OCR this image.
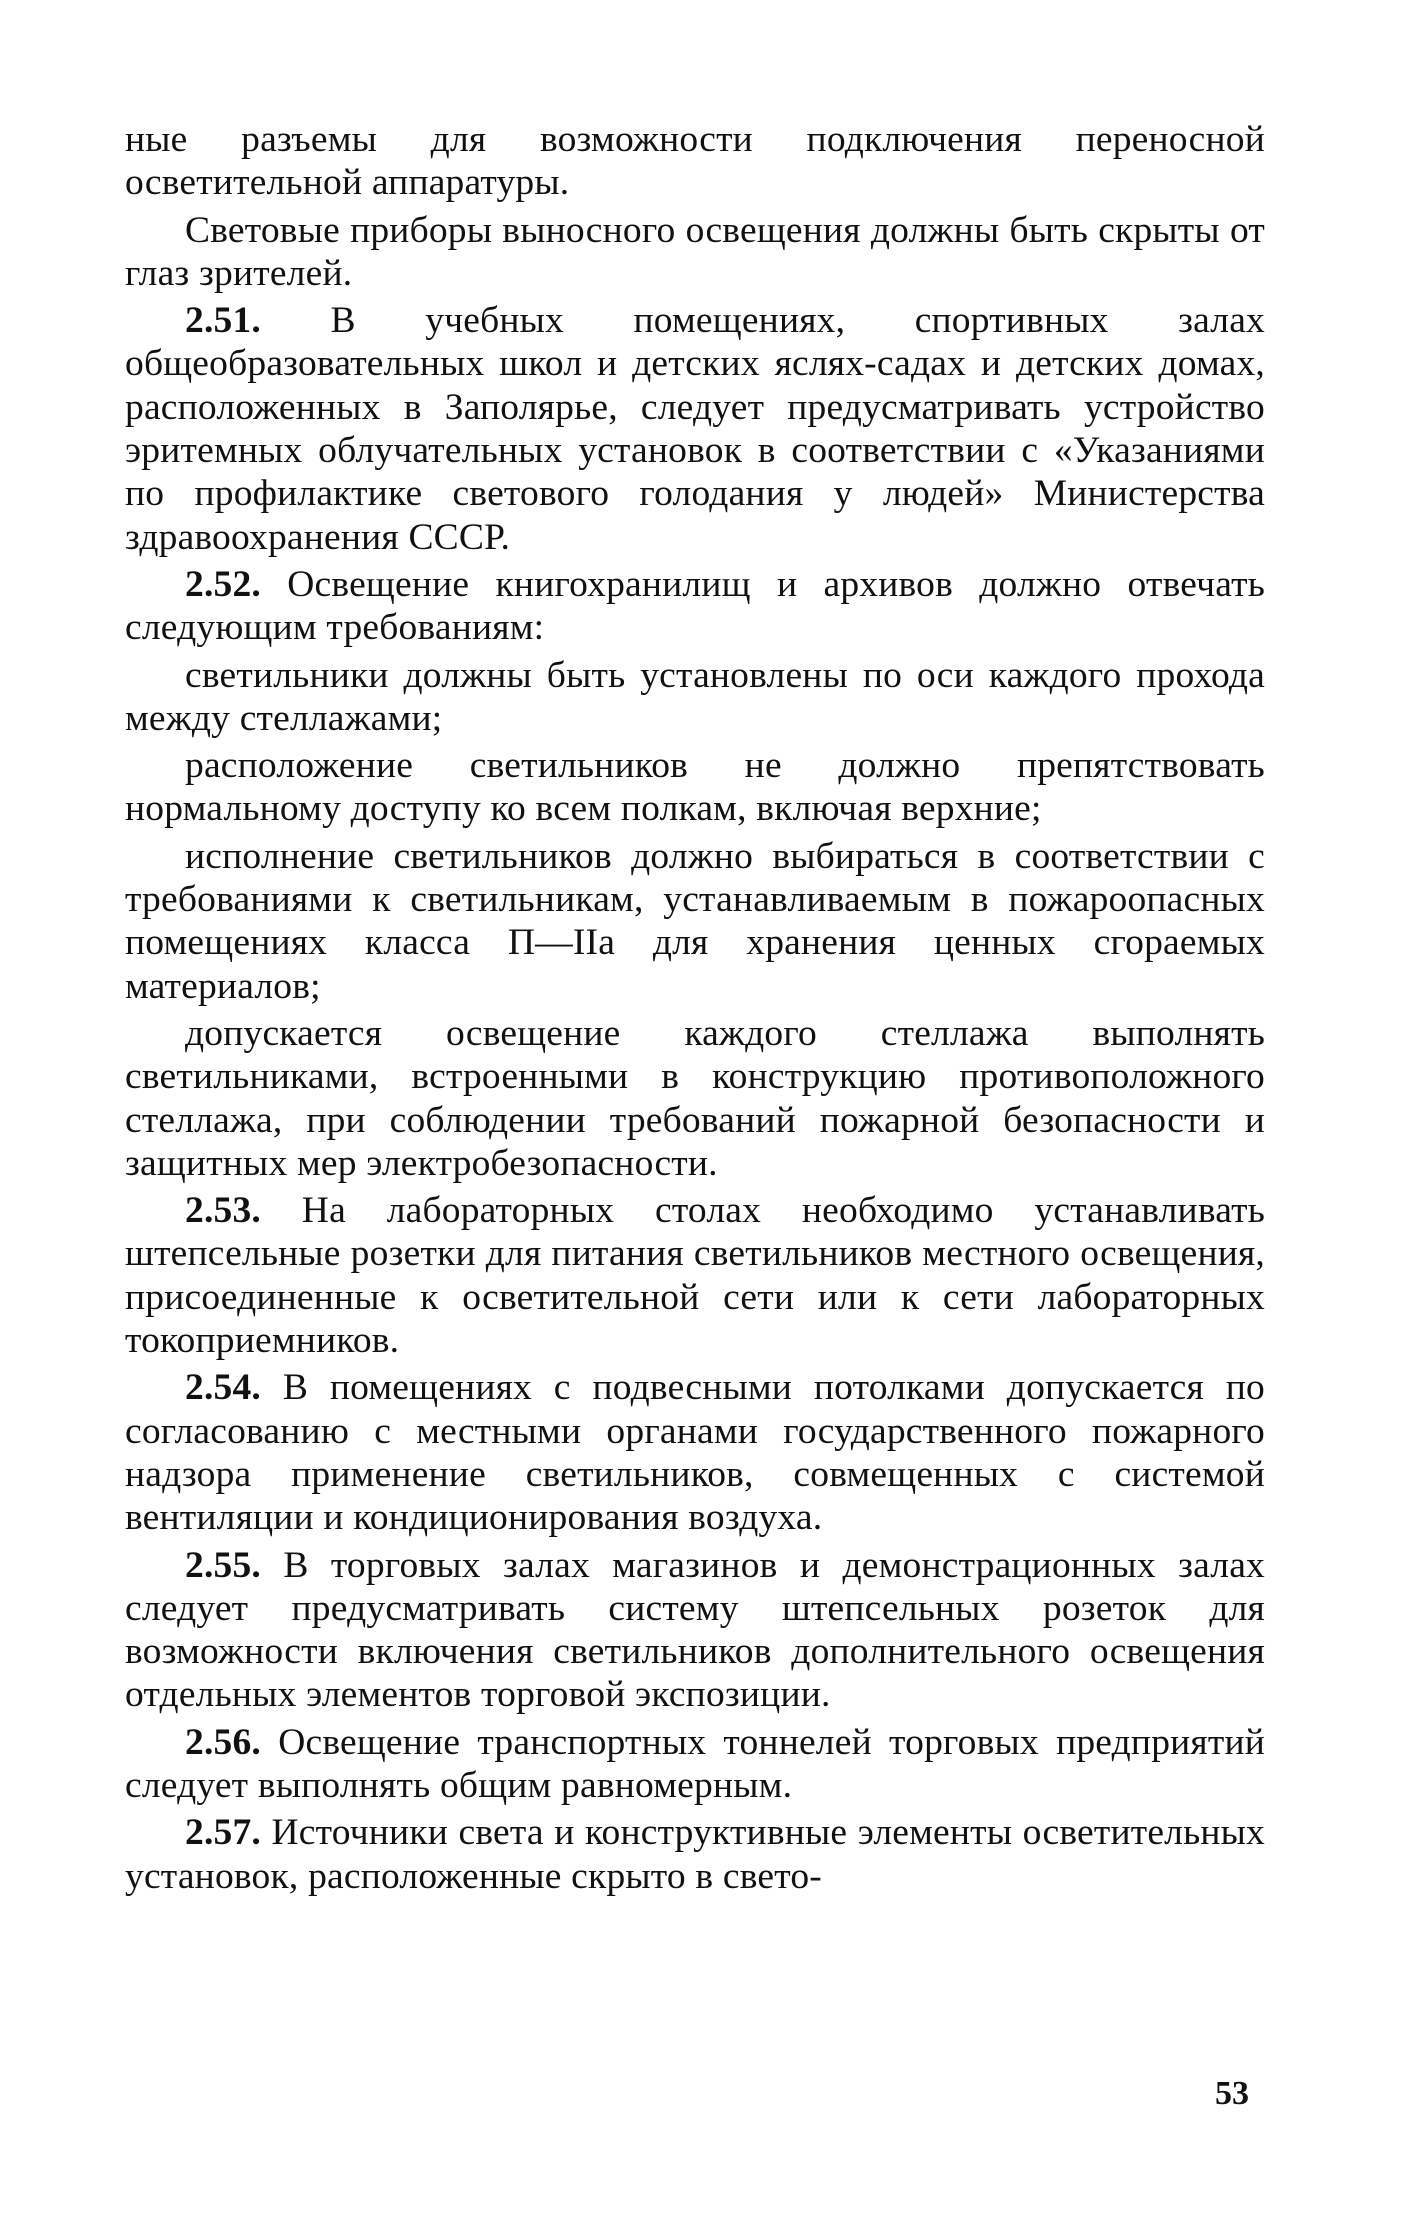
ные разъемы для возможности подключения переносной осветительной аппаратуры.

Световые приборы выносного освещения должны быть скрыты от глаз зрителей.

2.51. В учебных помещениях, спортивных залах общеобразовательных школ и детских яслях-садах и детских домах, расположенных в Заполярье, следует предусматривать устройство эритемных облучательных установок в соответствии с «Указаниями по профилактике светового голодания у людей» Министерства здравоохранения СССР.

2.52. Освещение книгохранилищ и архивов должно отвечать следующим требованиям:

светильники должны быть установлены по оси каждого прохода между стеллажами;

расположение светильников не должно препятствовать нормальному доступу ко всем полкам, включая верхние;

исполнение светильников должно выбираться в соответствии с требованиями к светильникам, устанавливаемым в пожароопасных помещениях класса П—IIа для хранения ценных сгораемых материалов;

допускается освещение каждого стеллажа выполнять светильниками, встроенными в конструкцию противоположного стеллажа, при соблюдении требований пожарной безопасности и защитных мер электробезопасности.

2.53. На лабораторных столах необходимо устанавливать штепсельные розетки для питания светильников местного освещения, присоединенные к осветительной сети или к сети лабораторных токоприемников.

2.54. В помещениях с подвесными потолками допускается по согласованию с местными органами государственного пожарного надзора применение светильников, совмещенных с системой вентиляции и кондиционирования воздуха.

2.55. В торговых залах магазинов и демонстрационных залах следует предусматривать систему штепсельных розеток для возможности включения светильников дополнительного освещения отдельных элементов торговой экспозиции.

2.56. Освещение транспортных тоннелей торговых предприятий следует выполнять общим равномерным.

2.57. Источники света и конструктивные элементы осветительных установок, расположенные скрыто в свето-

53
